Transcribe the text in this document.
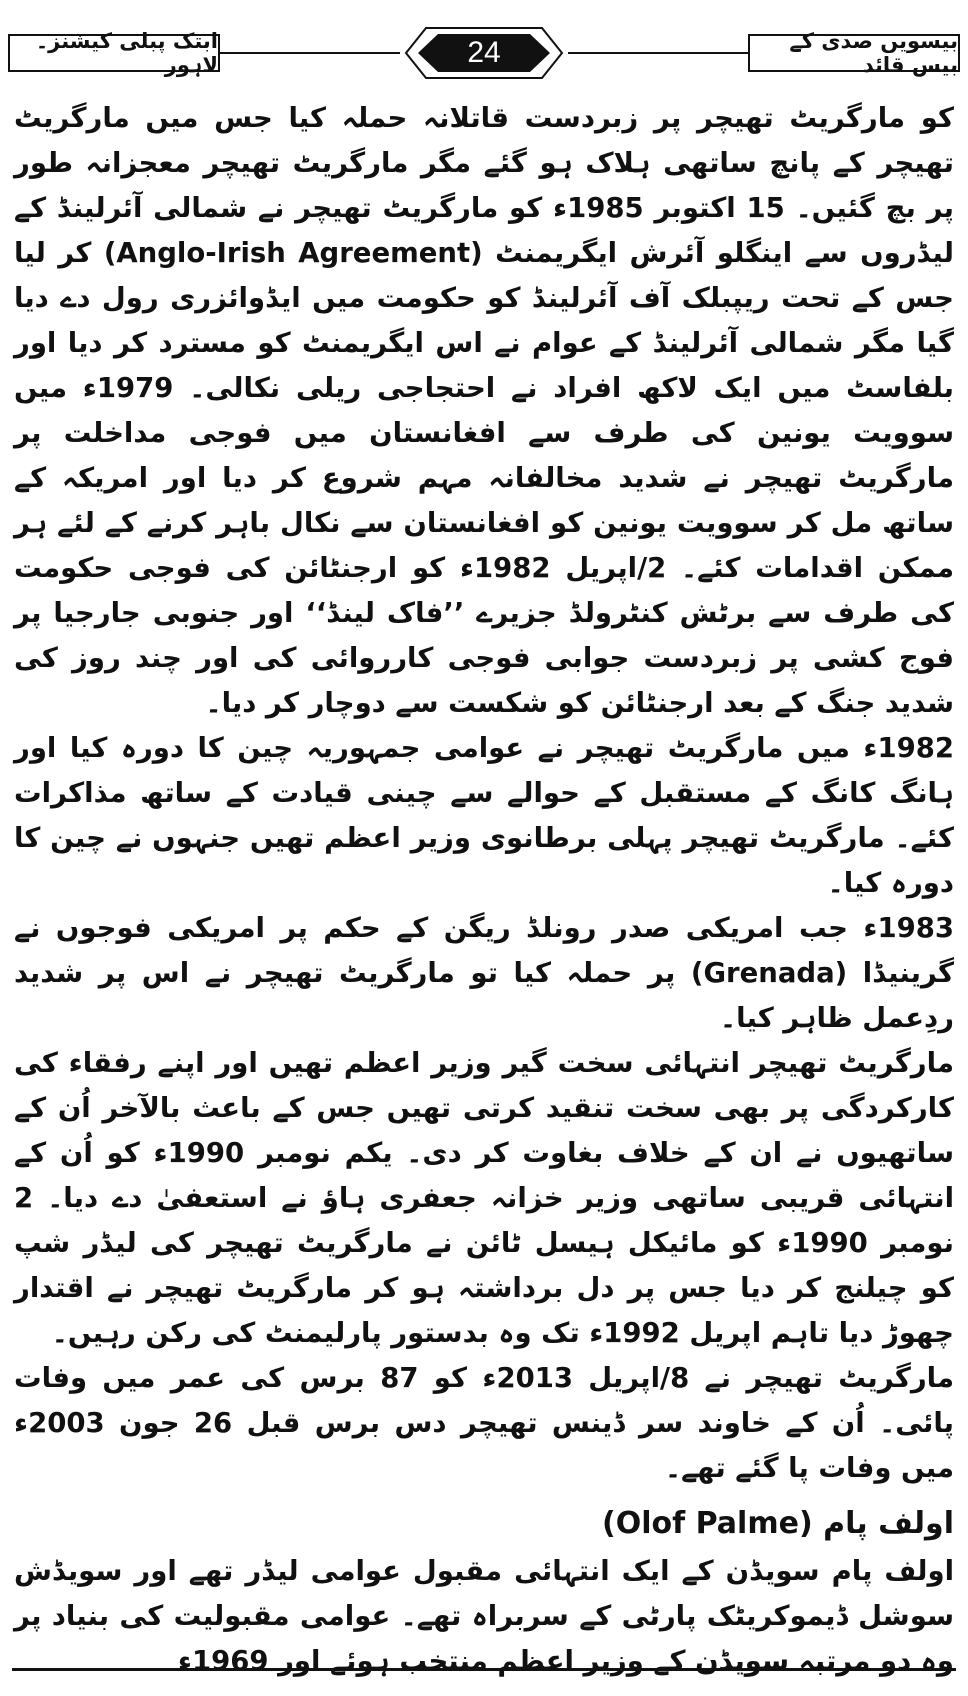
ابتک پبلی کیشنز۔ لاہور	24	بیسویں صدی کے بیس قائد

کو مارگریٹ تھیچر پر زبردست قاتلانہ حملہ کیا جس میں مارگریٹ تھیچر کے پانچ ساتھی ہلاک ہو گئے مگر مارگریٹ تھیچر معجزانہ طور پر بچ گئیں۔ 15 اکتوبر 1985ء کو مارگریٹ تھیچر نے شمالی آئرلینڈ کے لیڈروں سے اینگلو آئرش ایگریمنٹ (Anglo-Irish Agreement) کر لیا جس کے تحت ریپبلک آف آئرلینڈ کو حکومت میں ایڈوائزری رول دے دیا گیا مگر شمالی آئرلینڈ کے عوام نے اس ایگریمنٹ کو مسترد کر دیا اور بلفاسٹ میں ایک لاکھ افراد نے احتجاجی ریلی نکالی۔ 1979ء میں سوویت یونین کی طرف سے افغانستان میں فوجی مداخلت پر مارگریٹ تھیچر نے شدید مخالفانہ مہم شروع کر دیا اور امریکہ کے ساتھ مل کر سوویت یونین کو افغانستان سے نکال باہر کرنے کے لئے ہر ممکن اقدامات کئے۔ 2/اپریل 1982ء کو ارجنٹائن کی فوجی حکومت کی طرف سے برٹش کنٹرولڈ جزیرے ’’فاک لینڈ‘‘ اور جنوبی جارجیا پر فوج کشی پر زبردست جوابی فوجی کارروائی کی اور چند روز کی شدید جنگ کے بعد ارجنٹائن کو شکست سے دوچار کر دیا۔

1982ء میں مارگریٹ تھیچر نے عوامی جمہوریہ چین کا دورہ کیا اور ہانگ کانگ کے مستقبل کے حوالے سے چینی قیادت کے ساتھ مذاکرات کئے۔ مارگریٹ تھیچر پہلی برطانوی وزیر اعظم تھیں جنہوں نے چین کا دورہ کیا۔

1983ء جب امریکی صدر رونلڈ ریگن کے حکم پر امریکی فوجوں نے گرینیڈا (Grenada) پر حملہ کیا تو مارگریٹ تھیچر نے اس پر شدید ردِعمل ظاہر کیا۔

مارگریٹ تھیچر انتہائی سخت گیر وزیر اعظم تھیں اور اپنے رفقاء کی کارکردگی پر بھی سخت تنقید کرتی تھیں جس کے باعث بالآخر اُن کے ساتھیوں نے ان کے خلاف بغاوت کر دی۔ یکم نومبر 1990ء کو اُن کے انتہائی قریبی ساتھی وزیر خزانہ جعفری ہاؤ نے استعفیٰ دے دیا۔ 2 نومبر 1990ء کو مائیکل ہیسل ٹائن نے مارگریٹ تھیچر کی لیڈر شپ کو چیلنج کر دیا جس پر دل برداشتہ ہو کر مارگریٹ تھیچر نے اقتدار چھوڑ دیا تاہم اپریل 1992ء تک وہ بدستور پارلیمنٹ کی رکن رہیں۔

مارگریٹ تھیچر نے 8/اپریل 2013ء کو 87 برس کی عمر میں وفات پائی۔ اُن کے خاوند سر ڈینس تھیچر دس برس قبل 26 جون 2003ء میں وفات پا گئے تھے۔

اولف پام (Olof Palme)

اولف پام سویڈن کے ایک انتہائی مقبول عوامی لیڈر تھے اور سویڈش سوشل ڈیموکریٹک پارٹی کے سربراہ تھے۔ عوامی مقبولیت کی بنیاد پر وہ دو مرتبہ سویڈن کے وزیر اعظم منتخب ہوئے اور 1969ء
